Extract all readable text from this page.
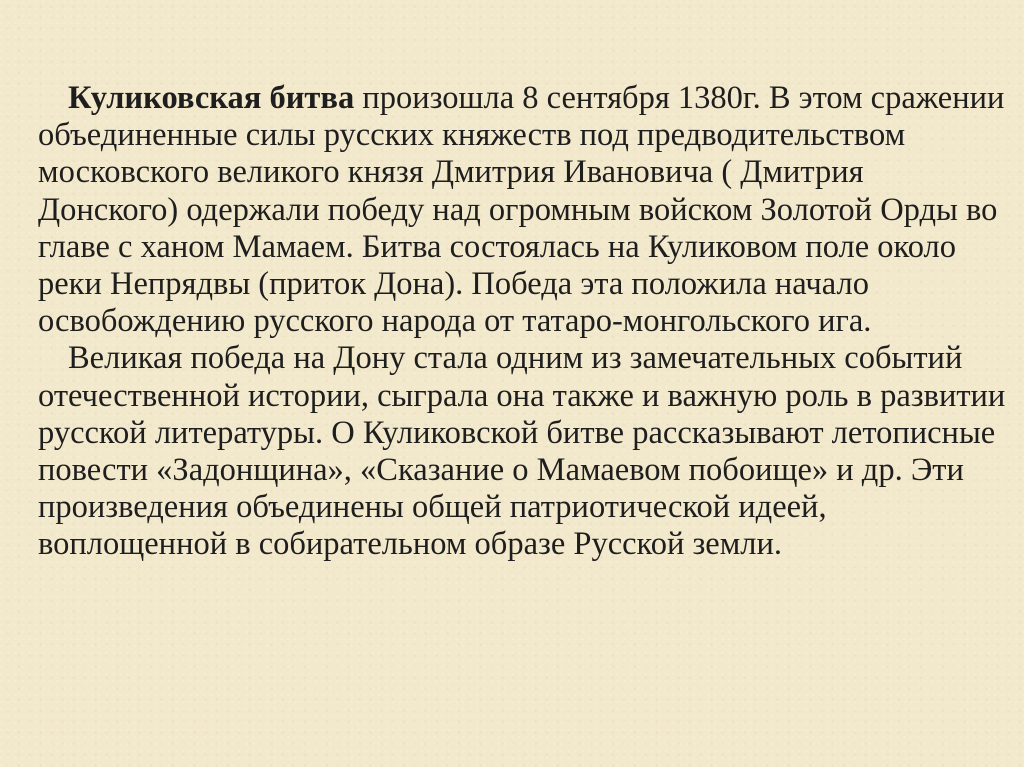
Куликовская битва произошла 8 сентября 1380г. В этом сражении объединенные силы русских княжеств под предводительством московского великого князя Дмитрия Ивановича ( Дмитрия Донского) одержали победу над огромным войском Золотой Орды во главе с ханом Мамаем. Битва состоялась на Куликовом поле около реки Непрядвы (приток Дона). Победа эта положила начало освобождению русского народа от татаро-монгольского ига.

Великая победа на Дону стала одним из замечательных событий отечественной истории, сыграла она также и важную роль в развитии русской литературы. О Куликовской битве рассказывают летописные повести «Задонщина», «Сказание о Мамаевом побоище» и др. Эти произведения объединены общей патриотической идеей, воплощенной в собирательном образе Русской земли.
